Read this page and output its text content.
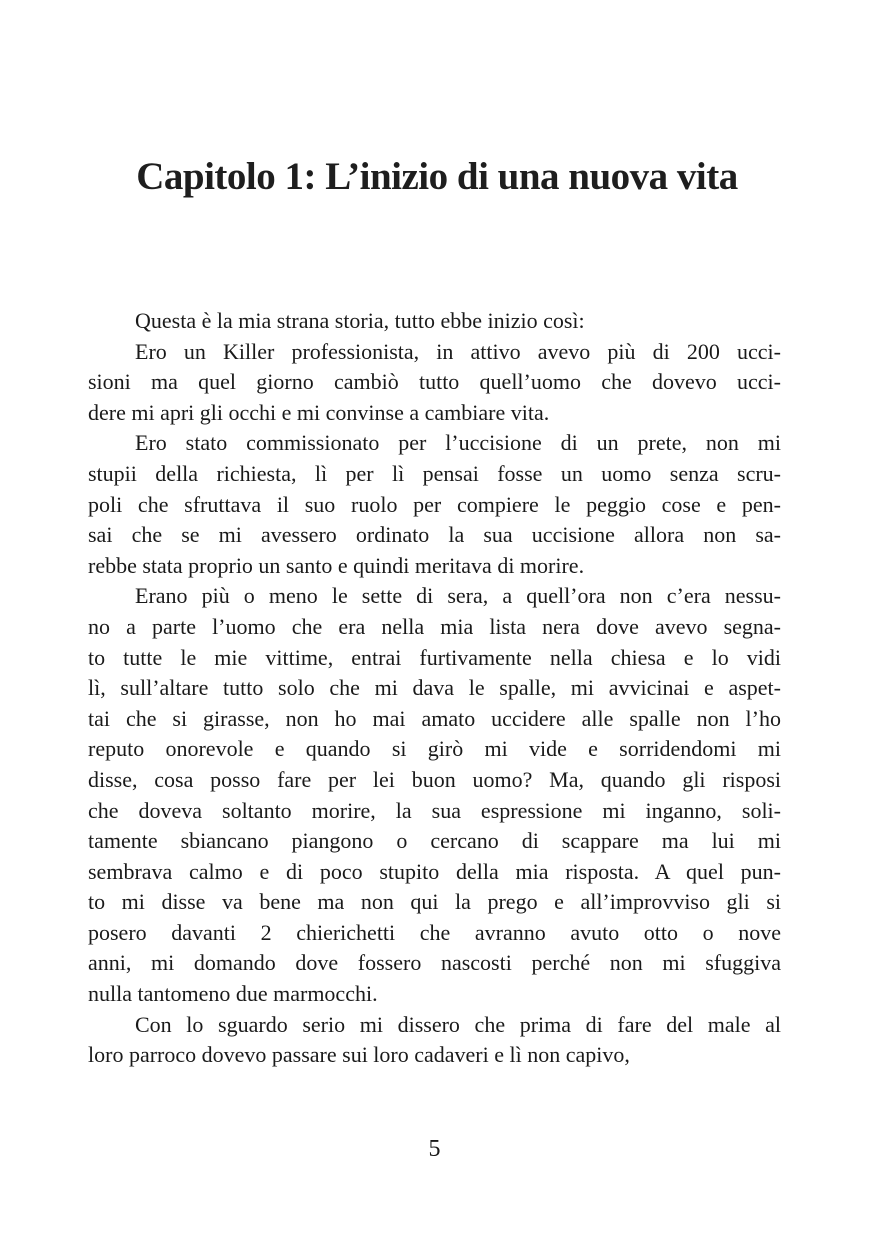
Capitolo 1: L’inizio di una nuova vita
Questa è la mia strana storia, tutto ebbe inizio così:
Ero un Killer professionista, in attivo avevo più di 200 ucci-
sioni ma quel giorno cambiò tutto quell’uomo che dovevo ucci-
dere mi apri gli occhi e mi convinse a cambiare vita.
Ero stato commissionato per l’uccisione di un prete, non mi
stupii della richiesta, lì per lì pensai fosse un uomo senza scru-
poli che sfruttava il suo ruolo per compiere le peggio cose e pen-
sai che se mi avessero ordinato la sua uccisione allora non sa-
rebbe stata proprio un santo e quindi meritava di morire.
Erano più o meno le sette di sera, a quell’ora non c’era nessu-
no a parte l’uomo che era nella mia lista nera dove avevo segna-
to tutte le mie vittime, entrai furtivamente nella chiesa e lo vidi
lì, sull’altare tutto solo che mi dava le spalle, mi avvicinai e aspet-
tai che si girasse, non ho mai amato uccidere alle spalle non l’ho
reputo onorevole e quando si girò mi vide e sorridendomi mi
disse, cosa posso fare per lei buon uomo? Ma, quando gli risposi
che doveva soltanto morire, la sua espressione mi inganno, soli-
tamente sbiancano piangono o cercano di scappare ma lui mi
sembrava calmo e di poco stupito della mia risposta. A quel pun-
to mi disse va bene ma non qui la prego e all’improvviso gli si
posero davanti 2 chierichetti che avranno avuto otto o nove
anni, mi domando dove fossero nascosti perché non mi sfuggiva
nulla tantomeno due marmocchi.
Con lo sguardo serio mi dissero che prima di fare del male al
loro parroco dovevo passare sui loro cadaveri e lì non capivo,
5
